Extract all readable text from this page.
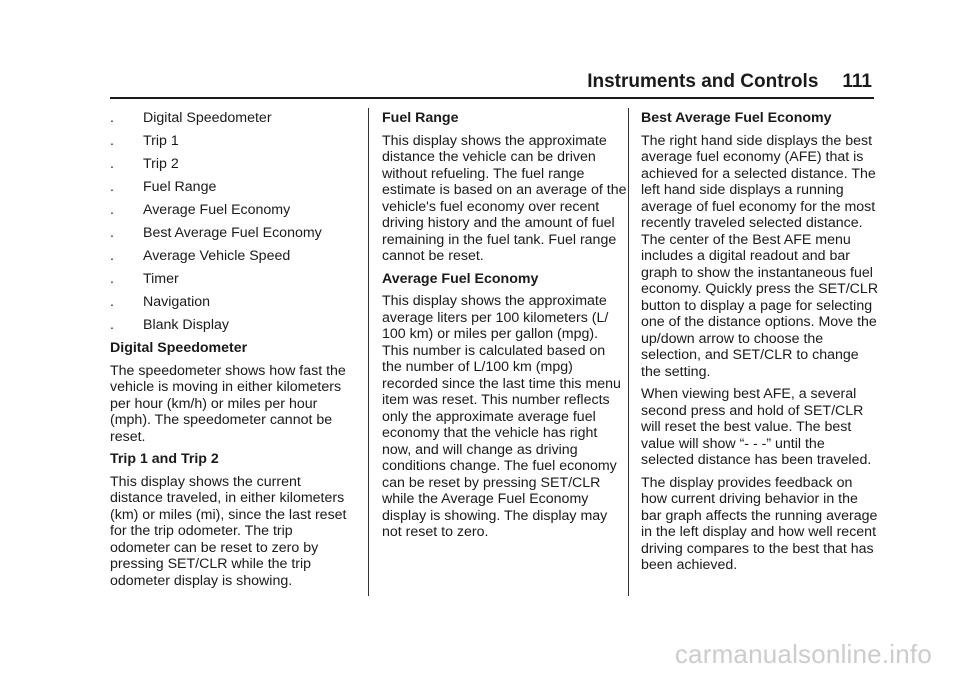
Instruments and Controls 111
.	Digital Speedometer
.	Trip 1
.	Trip 2
.	Fuel Range
.	Average Fuel Economy
.	Best Average Fuel Economy
.	Average Vehicle Speed
.	Timer
.	Navigation
.	Blank Display
Digital Speedometer

The speedometer shows how fast the vehicle is moving in either kilometers per hour (km/h) or miles per hour (mph). The speedometer cannot be reset.

Trip 1 and Trip 2

This display shows the current distance traveled, in either kilometers (km) or miles (mi), since the last reset for the trip odometer. The trip odometer can be reset to zero by pressing SET/CLR while the trip odometer display is showing.

Fuel Range

This display shows the approximate distance the vehicle can be driven without refueling. The fuel range estimate is based on an average of the vehicle's fuel economy over recent driving history and the amount of fuel remaining in the fuel tank. Fuel range cannot be reset.

Average Fuel Economy

This display shows the approximate average liters per 100 kilometers (L/ 100 km) or miles per gallon (mpg). This number is calculated based on the number of L/100 km (mpg) recorded since the last time this menu item was reset. This number reflects only the approximate average fuel economy that the vehicle has right now, and will change as driving conditions change. The fuel economy can be reset by pressing SET/CLR while the Average Fuel Economy display is showing. The display may not reset to zero.

Best Average Fuel Economy

The right hand side displays the best average fuel economy (AFE) that is achieved for a selected distance. The left hand side displays a running average of fuel economy for the most recently traveled selected distance. The center of the Best AFE menu includes a digital readout and bar graph to show the instantaneous fuel economy. Quickly press the SET/CLR button to display a page for selecting one of the distance options. Move the up/down arrow to choose the selection, and SET/CLR to change the setting.

When viewing best AFE, a several second press and hold of SET/CLR will reset the best value. The best value will show “- - -” until the selected distance has been traveled.

The display provides feedback on how current driving behavior in the bar graph affects the running average in the left display and how well recent driving compares to the best that has been achieved.

carmanualsonline.info
